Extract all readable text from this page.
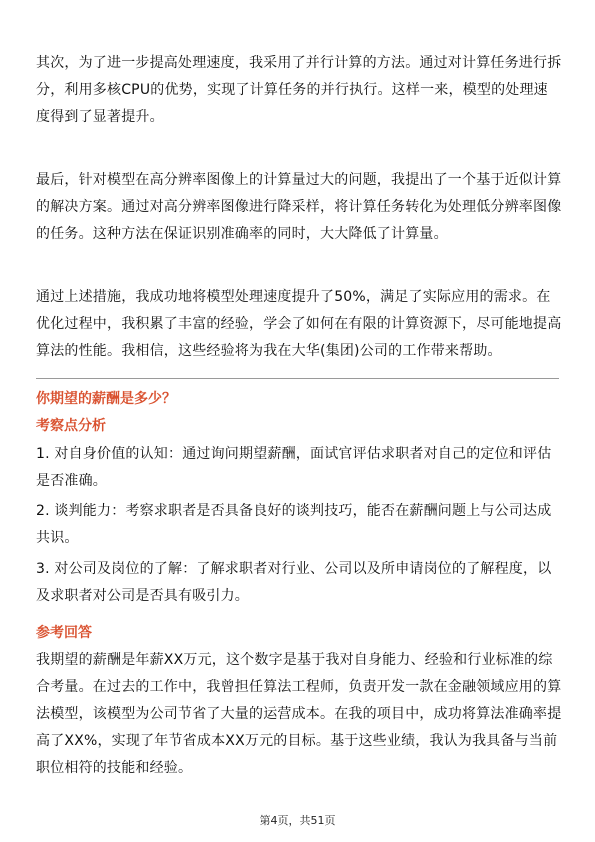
其次，为了进一步提高处理速度，我采用了并行计算的方法。通过对计算任务进行拆分，利用多核CPU的优势，实现了计算任务的并行执行。这样一来，模型的处理速度得到了显著提升。

最后，针对模型在高分辨率图像上的计算量过大的问题，我提出了一个基于近似计算的解决方案。通过对高分辨率图像进行降采样，将计算任务转化为处理低分辨率图像的任务。这种方法在保证识别准确率的同时，大大降低了计算量。

通过上述措施，我成功地将模型处理速度提升了50%，满足了实际应用的需求。在优化过程中，我积累了丰富的经验，学会了如何在有限的计算资源下，尽可能地提高算法的性能。我相信，这些经验将为我在大华(集团)公司的工作带来帮助。

你期望的薪酬是多少？
考察点分析

1. 对自身价值的认知：通过询问期望薪酬，面试官评估求职者对自己的定位和评估是否准确。

2. 谈判能力：考察求职者是否具备良好的谈判技巧，能否在薪酬问题上与公司达成共识。

3. 对公司及岗位的了解：了解求职者对行业、公司以及所申请岗位的了解程度，以及求职者对公司是否具有吸引力。

参考回答

我期望的薪酬是年薪XX万元，这个数字是基于我对自身能力、经验和行业标准的综合考量。在过去的工作中，我曾担任算法工程师，负责开发一款在金融领域应用的算法模型，该模型为公司节省了大量的运营成本。在我的项目中，成功将算法准确率提高了XX%，实现了年节省成本XX万元的目标。基于这些业绩，我认为我具备与当前职位相符的技能和经验。

第4页，共51页
